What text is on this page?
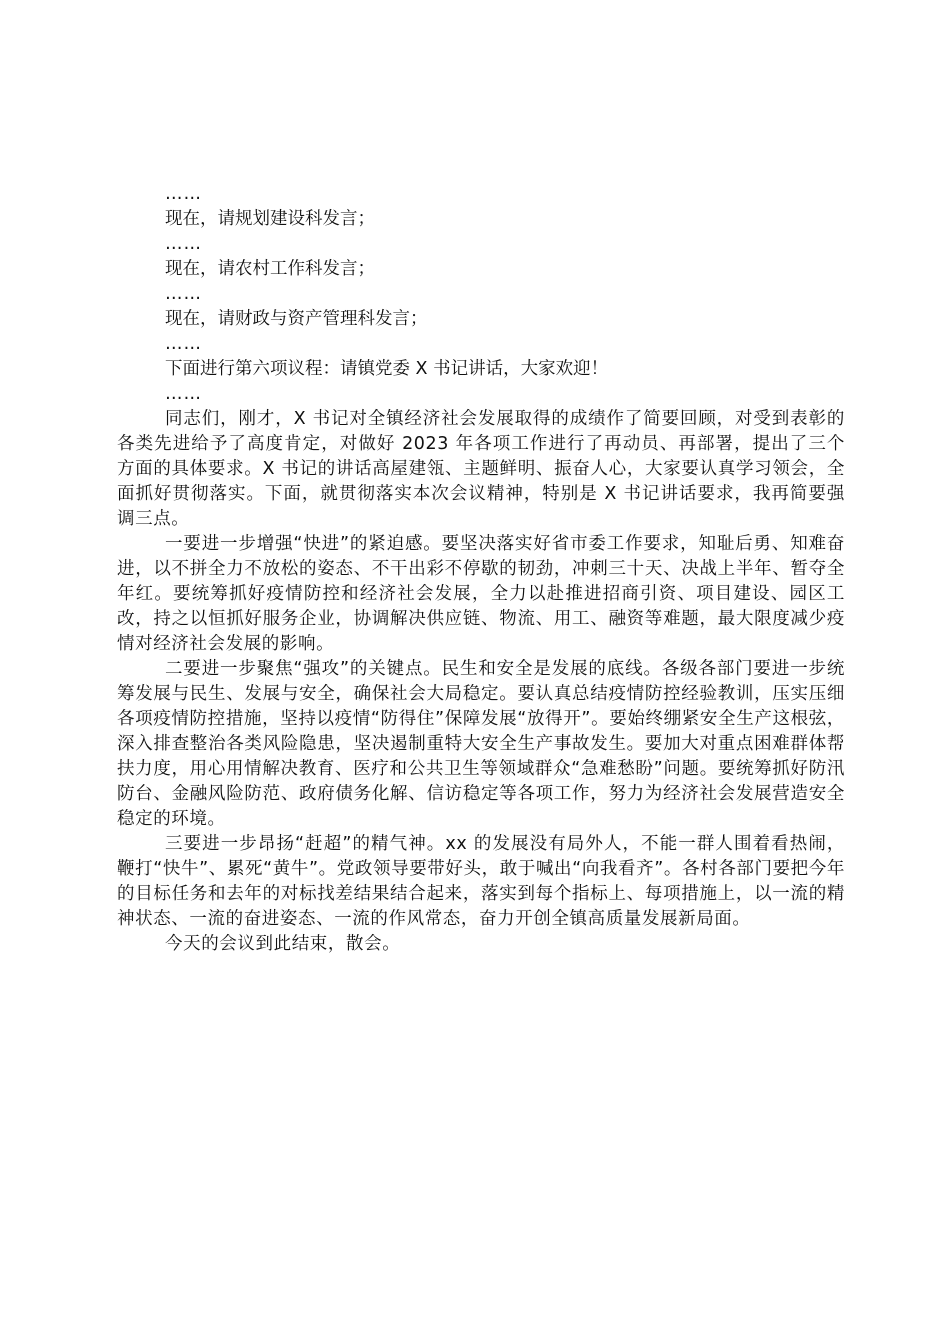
……

现在，请规划建设科发言；

……

现在，请农村工作科发言；

……

现在，请财政与资产管理科发言；

……

下面进行第六项议程：请镇党委 X 书记讲话，大家欢迎！

……

同志们，刚才，X 书记对全镇经济社会发展取得的成绩作了简要回顾，对受到表彰的各类先进给予了高度肯定，对做好 2023 年各项工作进行了再动员、再部署，提出了三个方面的具体要求。X 书记的讲话高屋建瓴、主题鲜明、振奋人心，大家要认真学习领会，全面抓好贯彻落实。下面，就贯彻落实本次会议精神，特别是 X 书记讲话要求，我再简要强调三点。

一要进一步增强“快进”的紧迫感。要坚决落实好省市委工作要求，知耻后勇、知难奋进，以不拼全力不放松的姿态、不干出彩不停歇的韧劲，冲刺三十天、决战上半年、暂夺全年红。要统筹抓好疫情防控和经济社会发展，全力以赴推进招商引资、项目建设、园区工改，持之以恒抓好服务企业，协调解决供应链、物流、用工、融资等难题，最大限度减少疫情对经济社会发展的影响。

二要进一步聚焦“强攻”的关键点。民生和安全是发展的底线。各级各部门要进一步统筹发展与民生、发展与安全，确保社会大局稳定。要认真总结疫情防控经验教训，压实压细各项疫情防控措施，坚持以疫情“防得住”保障发展“放得开”。要始终绷紧安全生产这根弦，深入排查整治各类风险隐患，坚决遏制重特大安全生产事故发生。要加大对重点困难群体帮扶力度，用心用情解决教育、医疗和公共卫生等领域群众“急难愁盼”问题。要统筹抓好防汛防台、金融风险防范、政府债务化解、信访稳定等各项工作，努力为经济社会发展营造安全稳定的环境。

三要进一步昂扬“赶超”的精气神。xx 的发展没有局外人，不能一群人围着看热闹，鞭打“快牛”、累死“黄牛”。党政领导要带好头，敢于喊出“向我看齐”。各村各部门要把今年的目标任务和去年的对标找差结果结合起来，落实到每个指标上、每项措施上，以一流的精神状态、一流的奋进姿态、一流的作风常态，奋力开创全镇高质量发展新局面。

今天的会议到此结束，散会。
